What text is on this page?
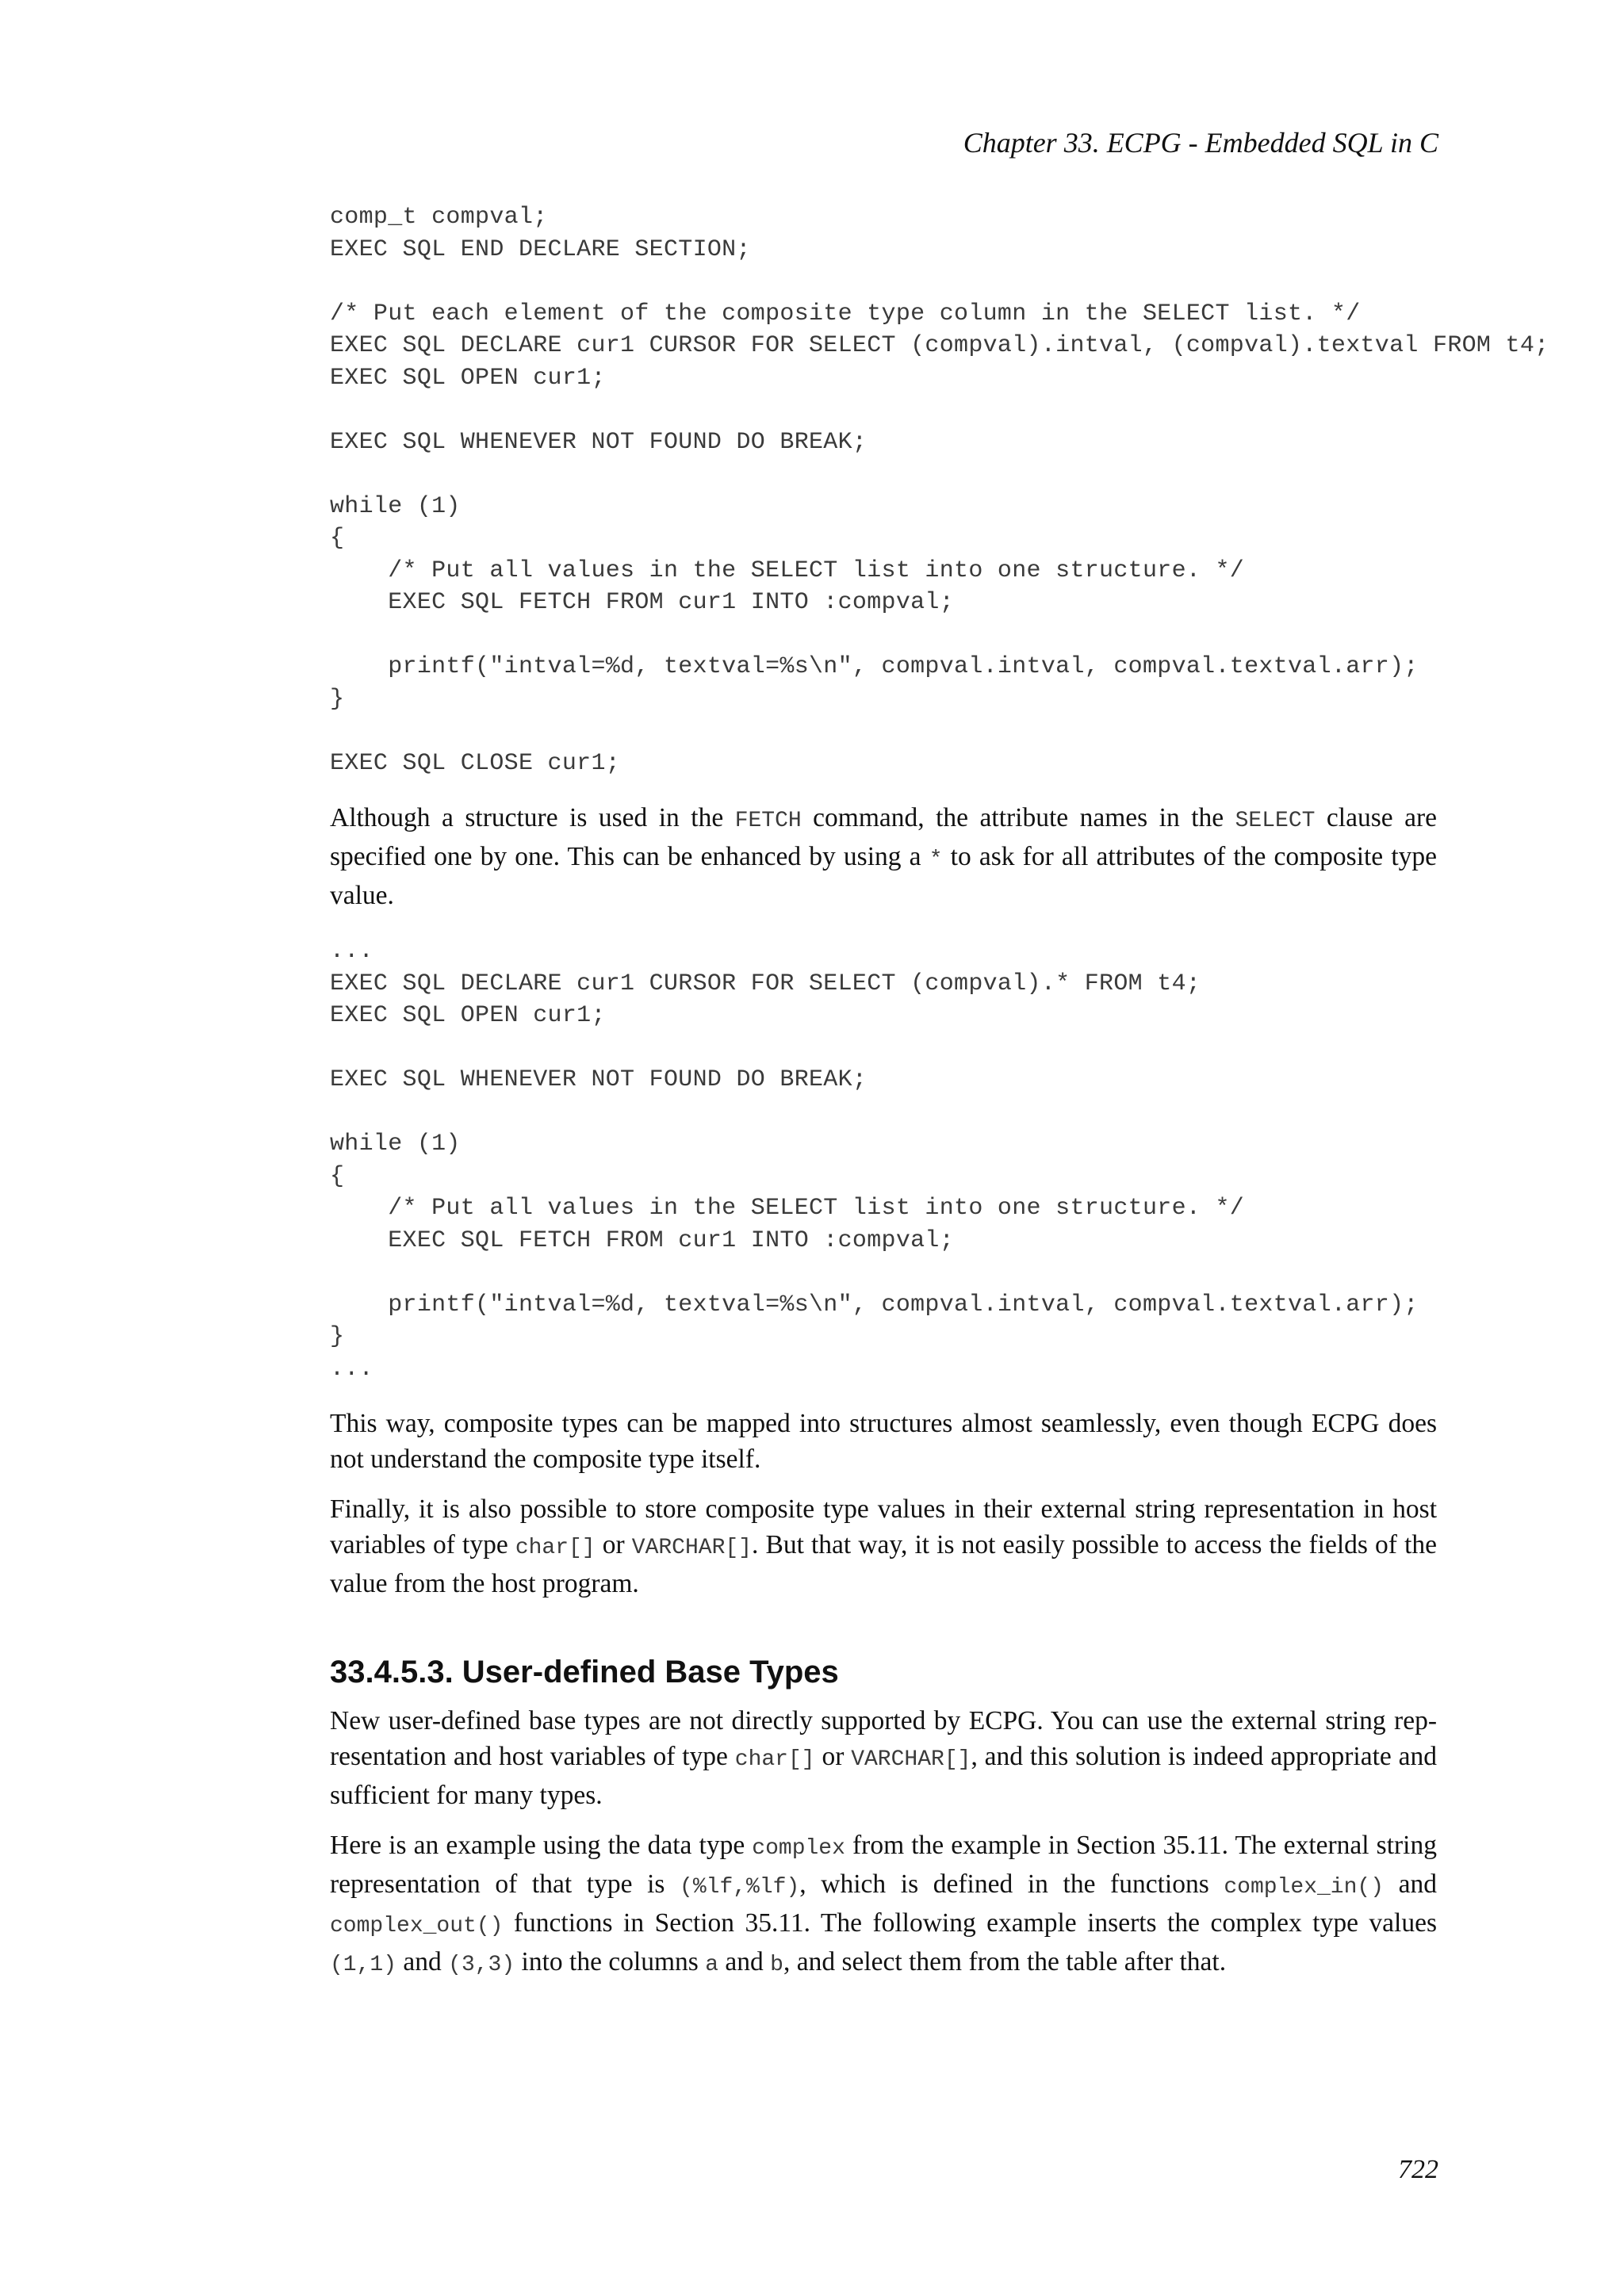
Chapter 33. ECPG - Embedded SQL in C
comp_t compval;
EXEC SQL END DECLARE SECTION;

/* Put each element of the composite type column in the SELECT list. */
EXEC SQL DECLARE cur1 CURSOR FOR SELECT (compval).intval, (compval).textval FROM t4;
EXEC SQL OPEN cur1;

EXEC SQL WHENEVER NOT FOUND DO BREAK;

while (1)
{
/* Put all values in the SELECT list into one structure. */
EXEC SQL FETCH FROM cur1 INTO :compval;

printf("intval=%d, textval=%s\n", compval.intval, compval.textval.arr);
}

EXEC SQL CLOSE cur1;

Although a structure is used in the FETCH command, the attribute names in the SELECT clause are specified one by one. This can be enhanced by using a * to ask for all attributes of the composite type value.

...
EXEC SQL DECLARE cur1 CURSOR FOR SELECT (compval).* FROM t4;
EXEC SQL OPEN cur1;

EXEC SQL WHENEVER NOT FOUND DO BREAK;

while (1)
{
/* Put all values in the SELECT list into one structure. */
EXEC SQL FETCH FROM cur1 INTO :compval;

printf("intval=%d, textval=%s\n", compval.intval, compval.textval.arr);
}
...

This way, composite types can be mapped into structures almost seamlessly, even though ECPG does not understand the composite type itself.

Finally, it is also possible to store composite type values in their external string representation in host variables of type char[] or VARCHAR[]. But that way, it is not easily possible to access the fields of the value from the host program.

33.4.5.3. User-defined Base Types

New user-defined base types are not directly supported by ECPG. You can use the external string rep-resentation and host variables of type char[] or VARCHAR[], and this solution is indeed appropriate and sufficient for many types.

Here is an example using the data type complex from the example in Section 35.11. The external string representation of that type is (%lf,%lf), which is defined in the functions complex_in() and complex_out() functions in Section 35.11. The following example inserts the complex type values (1,1) and (3,3) into the columns a and b, and select them from the table after that.

722
